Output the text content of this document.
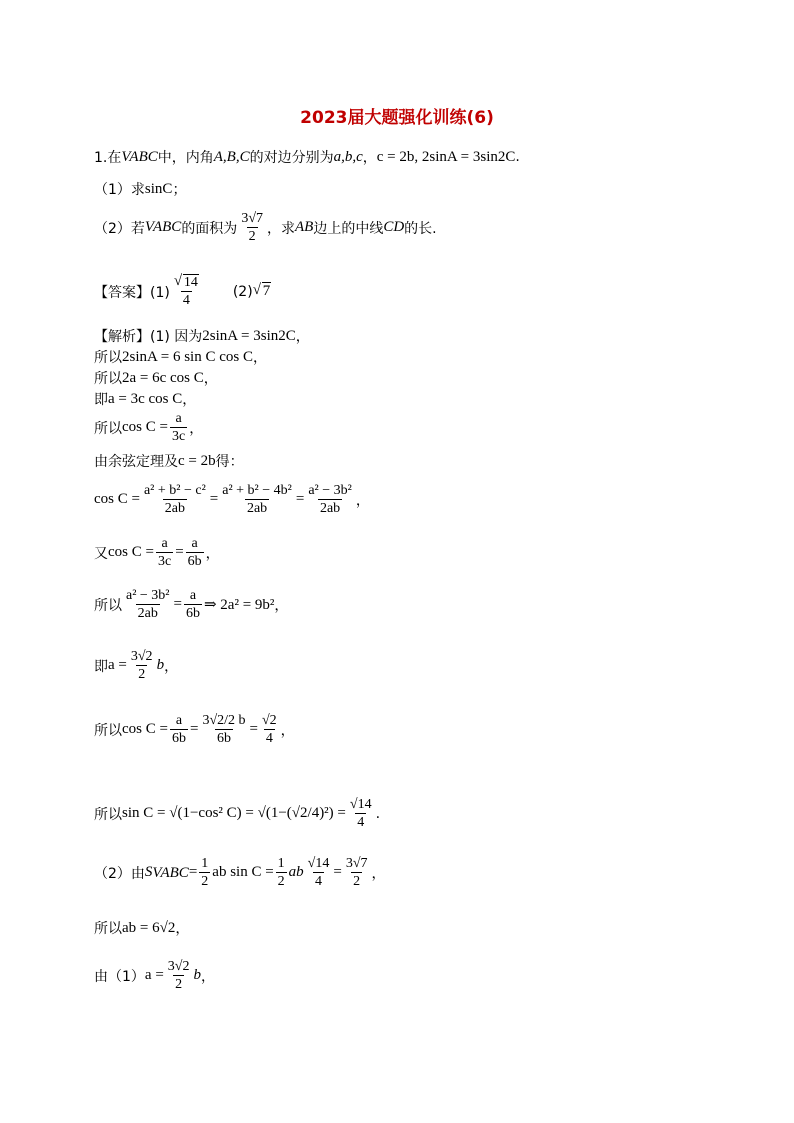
2023届大题强化训练(6)
1.在 VABC 中，内角 A,B,C 的对边分别为 a,b,c ， c = 2b, 2sinA = 3sin2C .
（1）求 sinC ；
（2）若 VABC 的面积为 $\frac{3√7}{2}$ ，求 AB 边上的中线 CD 的长.
【答案】(1) √ $\frac{14}{4} (2)$ √ 7
【解析】(1) 因为 2sinA = 3sin2C ，
所以 2sinA = 6 sin C cos C ，
所以 2a = 6c cos C ，
即 a = 3c cos C ，
所以 $\cos C = \frac{a}{3c}$ ，
由余弦定理及 c = 2b 得：
$\cos C = \frac{\text{a² + b² − c²}}{2ab} = \frac{\text{a² + b² − 4b²}}{2ab} = \frac{\text{a² − 3b²}}{2ab}$ ，
又 $\cos C = \frac{a}{3c} = \frac{a}{6b}$ ，
所以 $\frac{\text{a² − 3b²}}{2ab} = \frac{a}{6b}$ ⇒ 2a² = 9b² ，
即 $a = \frac{3√2}{2}$ b ，
所以 $\cos C = \frac{a}{6b} = \frac{3√2/2 b}{6b} = \frac{√2}{4}$ ，
所以 sin C = √(1−cos² $C) = √(1-(√2/4)^2) = \frac{√14}{4}$ .
（2）由 S VABC = $\frac{1}{2}$ ab $\sin C = \frac{1}{2}$ ab $\frac{√14}{4} = \frac{3√7}{2}$ ，
所以 ab = 6√2 ，
由（1） $a = \frac{3√2}{2}$ b ，
